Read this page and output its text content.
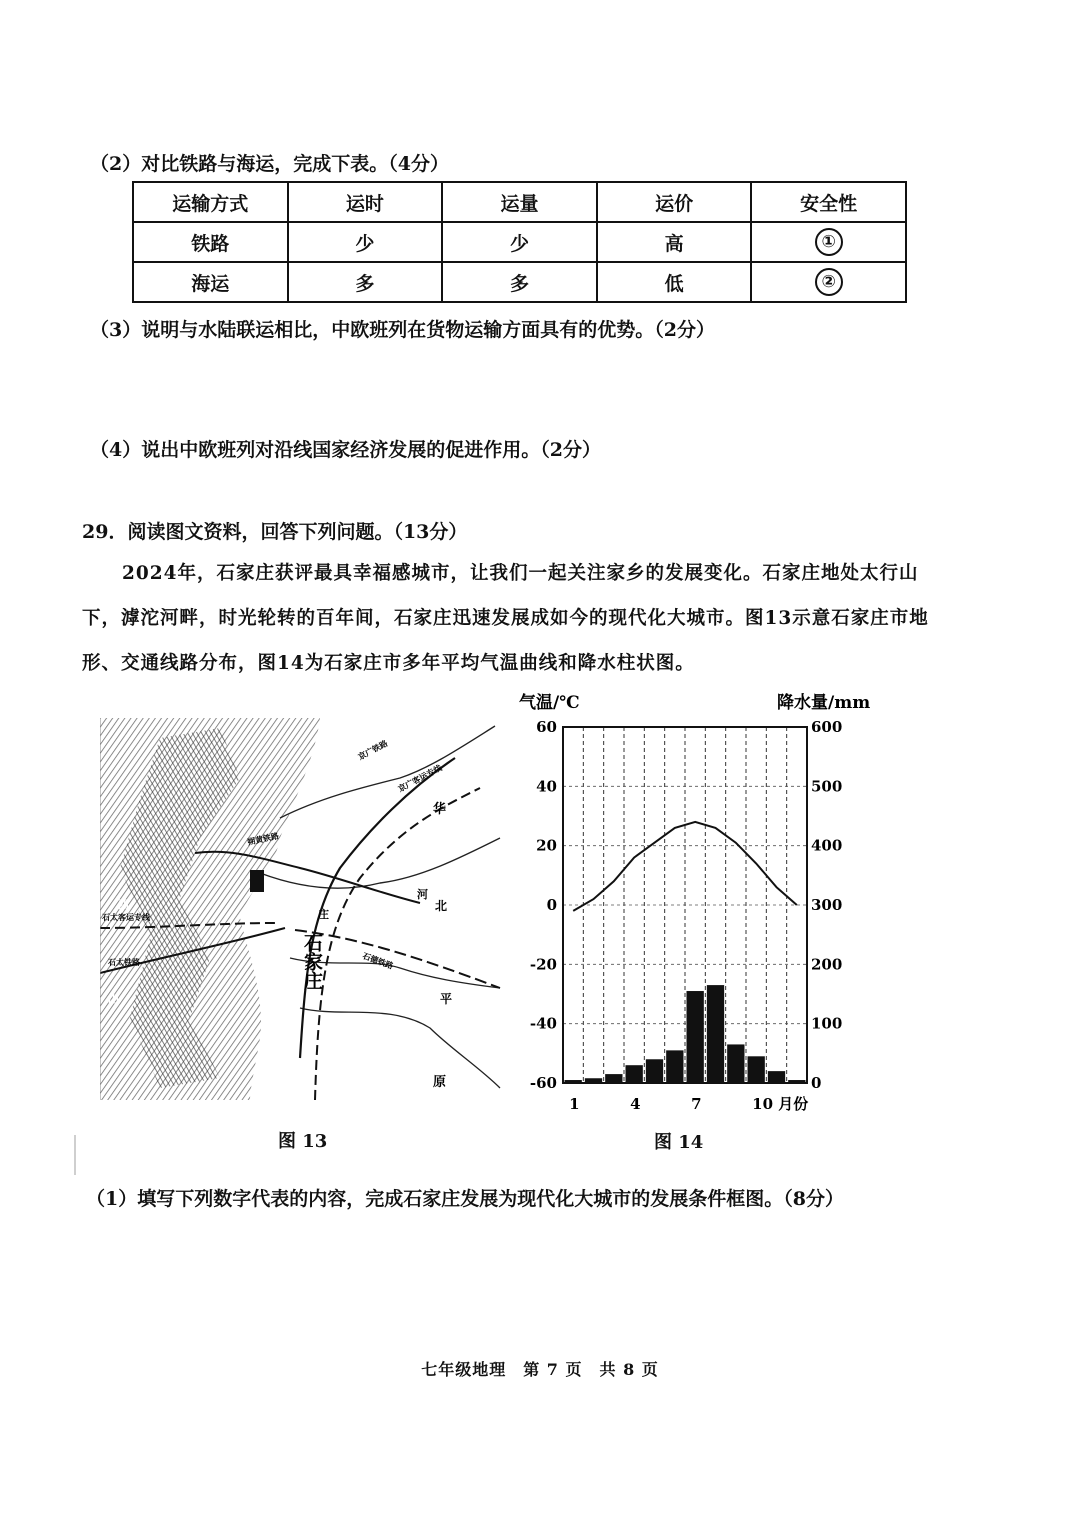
（2）对比铁路与海运，完成下表。（4分）
运输方式	运时	运量	运价	安全性
铁路	少	少	高	①
海运	多	多	低	②
（3）说明与水陆联运相比，中欧班列在货物运输方面具有的优势。（2分）
（4）说出中欧班列对沿线国家经济发展的促进作用。（2分）
29．阅读图文资料，回答下列问题。（13分）
2024年，石家庄获评最具幸福感城市，让我们一起关注家乡的发展变化。石家庄地处太行山下，滹沱河畔，时光轮转的百年间，石家庄迅速发展成如今的现代化大城市。图13示意石家庄市地形、交通线路分布，图14为石家庄市多年平均气温曲线和降水柱状图。
京广铁路
京广客运专线
朔黄铁路
石太客运专线
石太铁路	石德铁路
石家庄
华
河
北
平
原
庄
西
山
气温/℃	降水量/mm
60
40
20
0
-20
-40
-60
600
500
400
300
200
100
0
1	4	7	10 月份
图 13	图 14
（1）填写下列数字代表的内容，完成石家庄发展为现代化大城市的发展条件框图。（8分）
七年级地理　第 7 页　共 8 页
